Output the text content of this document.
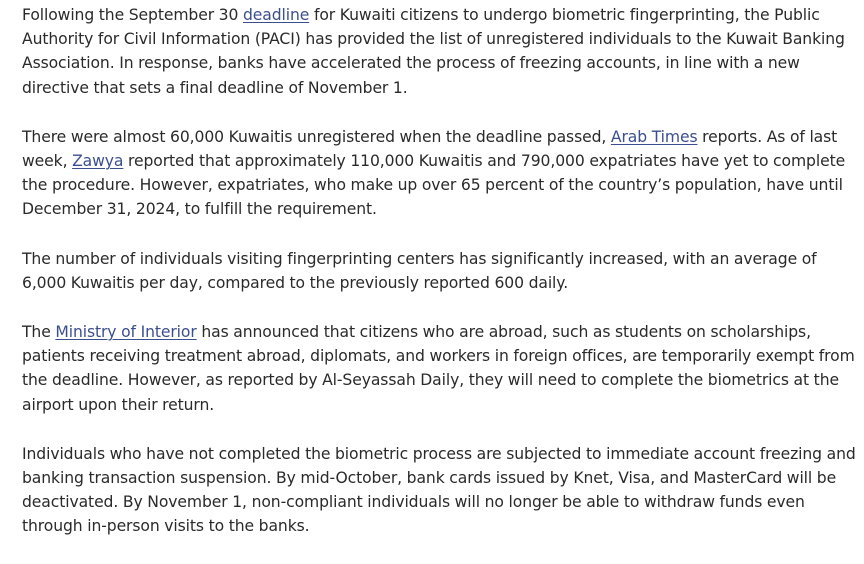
Following the September 30 deadline for Kuwaiti citizens to undergo biometric fingerprinting, the Public Authority for Civil Information (PACI) has provided the list of unregistered individuals to the Kuwait Banking Association. In response, banks have accelerated the process of freezing accounts, in line with a new directive that sets a final deadline of November 1.

There were almost 60,000 Kuwaitis unregistered when the deadline passed, Arab Times reports. As of last week, Zawya reported that approximately 110,000 Kuwaitis and 790,000 expatriates have yet to complete the procedure. However, expatriates, who make up over 65 percent of the country’s population, have until December 31, 2024, to fulfill the requirement.

The number of individuals visiting fingerprinting centers has significantly increased, with an average of 6,000 Kuwaitis per day, compared to the previously reported 600 daily.

The Ministry of Interior has announced that citizens who are abroad, such as students on scholarships, patients receiving treatment abroad, diplomats, and workers in foreign offices, are temporarily exempt from the deadline. However, as reported by Al-Seyassah Daily, they will need to complete the biometrics at the airport upon their return.

Individuals who have not completed the biometric process are subjected to immediate account freezing and banking transaction suspension. By mid-October, bank cards issued by Knet, Visa, and MasterCard will be deactivated. By November 1, non-compliant individuals will no longer be able to withdraw funds even through in-person visits to the banks.
